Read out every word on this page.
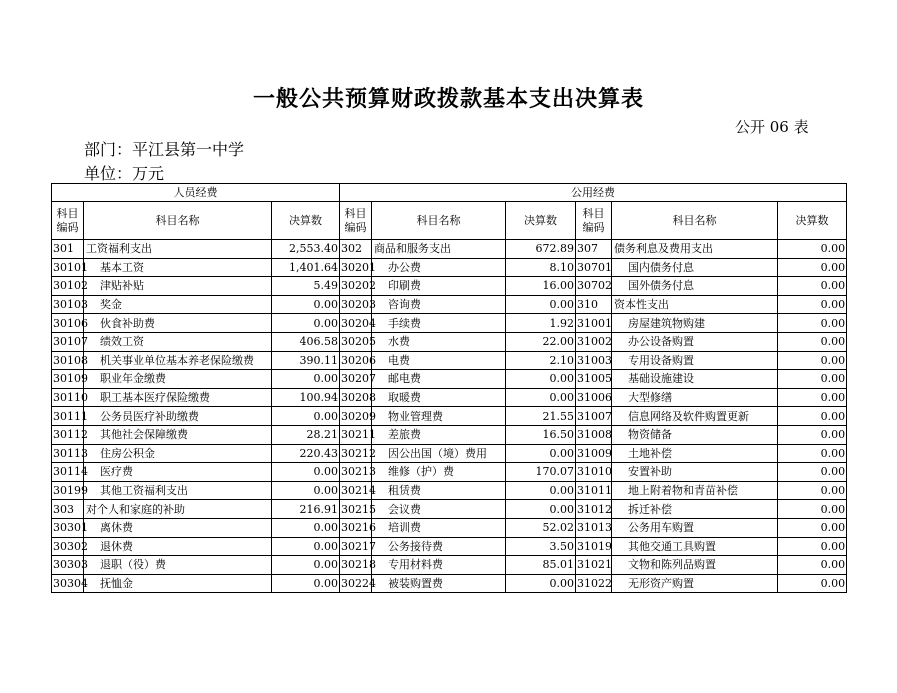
一般公共预算财政拨款基本支出决算表
公开 06 表
部门：平江县第一中学
单位：万元
人员经费			公用经费					
科目编码	科目名称	决算数	科目编码	科目名称	决算数	科目编码	科目名称	决算数
301	工资福利支出	2,553.40	302	商品和服务支出	672.89	307	债务利息及费用支出	0.00
30101	基本工资	1,401.64	30201	办公费	8.10	30701	国内债务付息	0.00
30102	津贴补贴	5.49	30202	印刷费	16.00	30702	国外债务付息	0.00
30103	奖金	0.00	30203	咨询费	0.00	310	资本性支出	0.00
30106	伙食补助费	0.00	30204	手续费	1.92	31001	房屋建筑物购建	0.00
30107	绩效工资	406.58	30205	水费	22.00	31002	办公设备购置	0.00
30108	机关事业单位基本养老保险缴费	390.11	30206	电费	2.10	31003	专用设备购置	0.00
30109	职业年金缴费	0.00	30207	邮电费	0.00	31005	基础设施建设	0.00
30110	职工基本医疗保险缴费	100.94	30208	取暖费	0.00	31006	大型修缮	0.00
30111	公务员医疗补助缴费	0.00	30209	物业管理费	21.55	31007	信息网络及软件购置更新	0.00
30112	其他社会保障缴费	28.21	30211	差旅费	16.50	31008	物资储备	0.00
30113	住房公积金	220.43	30212	因公出国（境）费用	0.00	31009	土地补偿	0.00
30114	医疗费	0.00	30213	维修（护）费	170.07	31010	安置补助	0.00
30199	其他工资福利支出	0.00	30214	租赁费	0.00	31011	地上附着物和青苗补偿	0.00
303	对个人和家庭的补助	216.91	30215	会议费	0.00	31012	拆迁补偿	0.00
30301	离休费	0.00	30216	培训费	52.02	31013	公务用车购置	0.00
30302	退休费	0.00	30217	公务接待费	3.50	31019	其他交通工具购置	0.00
30303	退职（役）费	0.00	30218	专用材料费	85.01	31021	文物和陈列品购置	0.00
30304	抚恤金	0.00	30224	被装购置费	0.00	31022	无形资产购置	0.00
